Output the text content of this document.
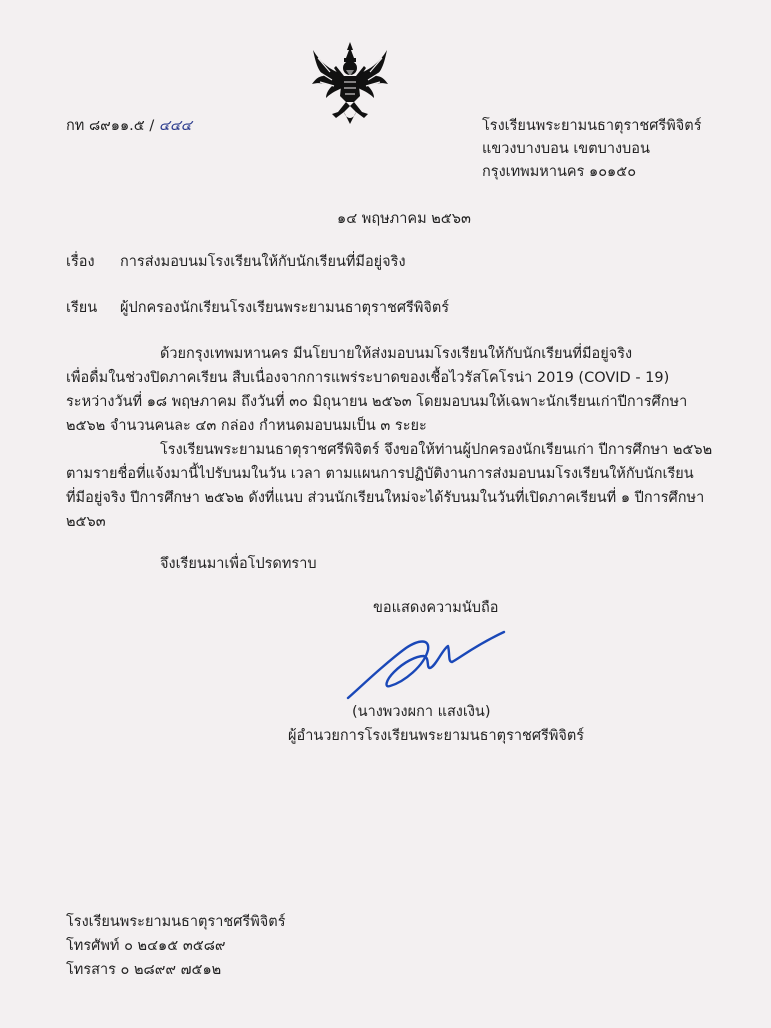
กท ๘๙๑๑.๕ / ๔๔๔	โรงเรียนพระยามนธาตุราชศรีพิจิตร์
แขวงบางบอน เขตบางบอน
กรุงเทพมหานคร ๑๐๑๕๐
๑๔ พฤษภาคม ๒๕๖๓
เรื่อง การส่งมอบนมโรงเรียนให้กับนักเรียนที่มีอยู่จริง
เรียน ผู้ปกครองนักเรียนโรงเรียนพระยามนธาตุราชศรีพิจิตร์
ด้วยกรุงเทพมหานคร มีนโยบายให้ส่งมอบนมโรงเรียนให้กับนักเรียนที่มีอยู่จริง
เพื่อดื่มในช่วงปิดภาคเรียน สืบเนื่องจากการแพร่ระบาดของเชื้อไวรัสโคโรน่า 2019 (COVID - 19)
ระหว่างวันที่ ๑๘ พฤษภาคม ถึงวันที่ ๓๐ มิถุนายน ๒๕๖๓ โดยมอบนมให้เฉพาะนักเรียนเก่าปีการศึกษา
๒๕๖๒ จำนวนคนละ ๔๓ กล่อง กำหนดมอบนมเป็น ๓ ระยะ
โรงเรียนพระยามนธาตุราชศรีพิจิตร์ จึงขอให้ท่านผู้ปกครองนักเรียนเก่า ปีการศึกษา ๒๕๖๒
ตามรายชื่อที่แจ้งมานี้ไปรับนมในวัน เวลา ตามแผนการปฏิบัติงานการส่งมอบนมโรงเรียนให้กับนักเรียน
ที่มีอยู่จริง ปีการศึกษา ๒๕๖๒ ดังที่แนบ ส่วนนักเรียนใหม่จะได้รับนมในวันที่เปิดภาคเรียนที่ ๑ ปีการศึกษา
๒๕๖๓
จึงเรียนมาเพื่อโปรดทราบ
ขอแสดงความนับถือ
(นางพวงผกา แสงเงิน)
ผู้อำนวยการโรงเรียนพระยามนธาตุราชศรีพิจิตร์
โรงเรียนพระยามนธาตุราชศรีพิจิตร์
โทรศัพท์ ๐ ๒๔๑๕ ๓๕๘๙
โทรสาร ๐ ๒๘๙๙ ๗๕๑๒
